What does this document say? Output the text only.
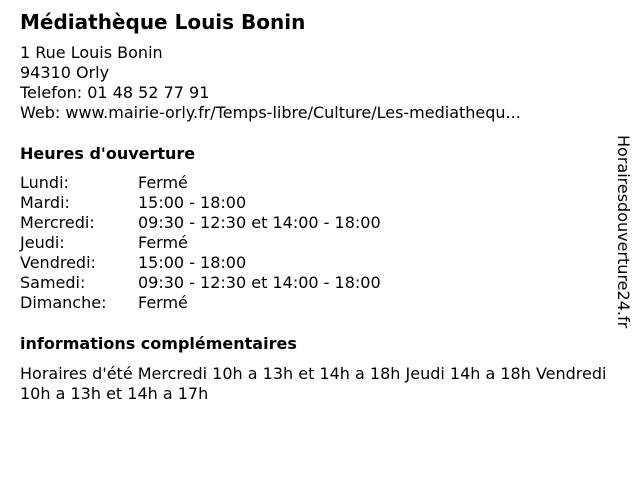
Médiathèque Louis Bonin
1 Rue Louis Bonin
94310 Orly
Telefon: 01 48 52 77 91
Web: www.mairie-orly.fr/Temps-libre/Culture/Les-mediathequ...
Heures d'ouverture
Lundi:	Fermé
Mardi:	15:00 - 18:00
Mercredi:	09:30 - 12:30 et 14:00 - 18:00
Jeudi:	Fermé
Vendredi:	15:00 - 18:00
Samedi:	09:30 - 12:30 et 14:00 - 18:00
Dimanche: Fermé
informations complémentaires
Horaires d'été Mercredi 10h a 13h et 14h a 18h Jeudi 14h a 18h Vendredi 10h a 13h et 14h a 17h
Horairesdouverture24.fr
